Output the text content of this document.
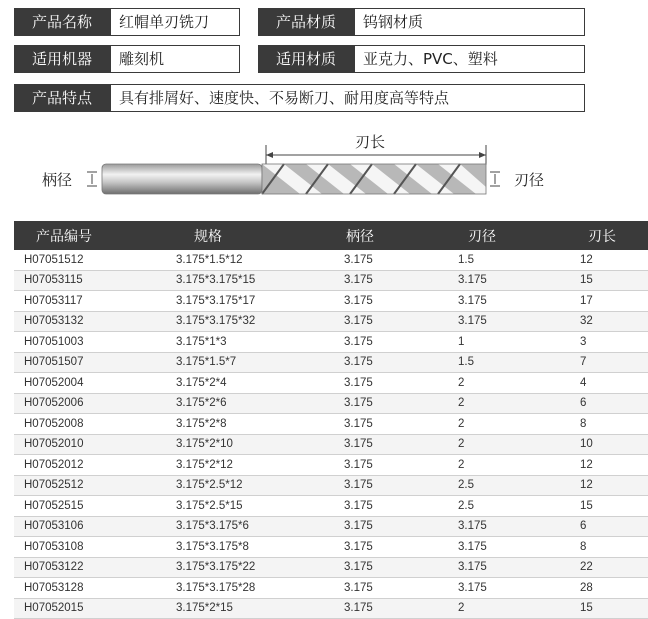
产品名称	红帽单刃铣刀	产品材质	钨钢材质
适用机器	雕刻机	适用材质	亚克力、PVC、塑料
产品特点	具有排屑好、速度快、不易断刀、耐用度高等特点
刃长
柄径	刃径
产品编号	规格	柄径	刃径	刃长
H07051512	3.175*1.5*12	3.175	1.5	12
H07053115	3.175*3.175*15	3.175	3.175	15
H07053117	3.175*3.175*17	3.175	3.175	17
H07053132	3.175*3.175*32	3.175	3.175	32
H07051003	3.175*1*3	3.175	1	3
H07051507	3.175*1.5*7	3.175	1.5	7
H07052004	3.175*2*4	3.175	2	4
H07052006	3.175*2*6	3.175	2	6
H07052008	3.175*2*8	3.175	2	8
H07052010	3.175*2*10	3.175	2	10
H07052012	3.175*2*12	3.175	2	12
H07052512	3.175*2.5*12	3.175	2.5	12
H07052515	3.175*2.5*15	3.175	2.5	15
H07053106	3.175*3.175*6	3.175	3.175	6
H07053108	3.175*3.175*8	3.175	3.175	8
H07053122	3.175*3.175*22	3.175	3.175	22
H07053128	3.175*3.175*28	3.175	3.175	28
H07052015	3.175*2*15	3.175	2	15
